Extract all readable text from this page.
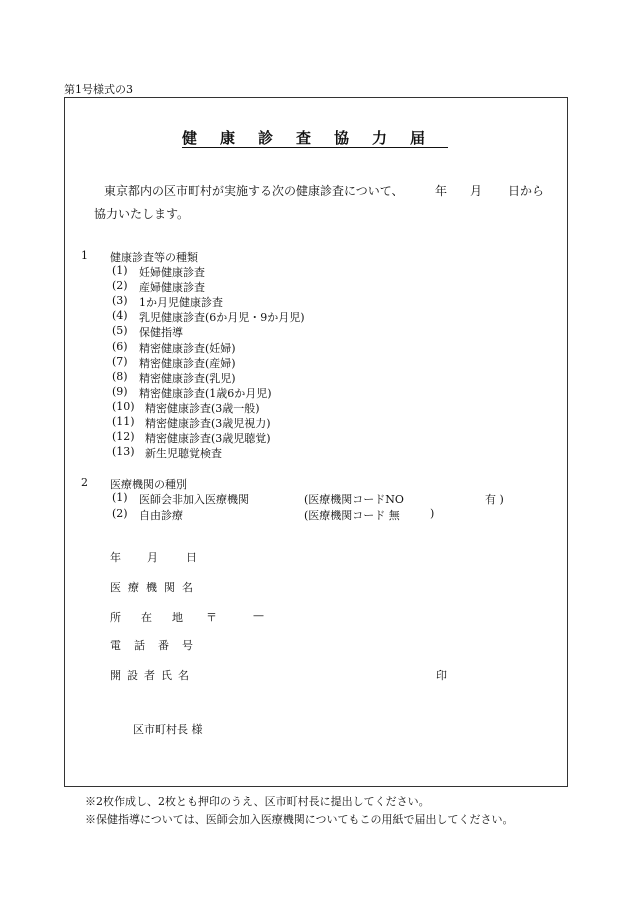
第1号様式の3
健康診査協力届
東京都内の区市町村が実施する次の健康診査について、	年 月 日から
協力いたします。
1 健康診査等の種類
(1) 妊婦健康診査
(2) 産婦健康診査
(3) 1か月児健康診査
(4) 乳児健康診査(6か月児・9か月児)
(5) 保健指導
(6) 精密健康診査(妊婦)
(7) 精密健康診査(産婦)
(8) 精密健康診査(乳児)
(9) 精密健康診査(1歳6か月児)
(10) 精密健康診査(3歳一般)
(11) 精密健康診査(3歳児視力)
(12) 精密健康診査(3歳児聴覚)
(13) 新生児聴覚検査
2 医療機関の種別
(1) 医師会非加入医療機関	(医療機関コードNO	有 )
(2) 自由診療	(医療機関コード 無	)
年 月 日
医療機関名
所在地 〒	—
電話番号
開設者氏名	印
区市町村長 様
※2枚作成し、2枚とも押印のうえ、区市町村長に提出してください。
※保健指導については、医師会加入医療機関についてもこの用紙で届出してください。
